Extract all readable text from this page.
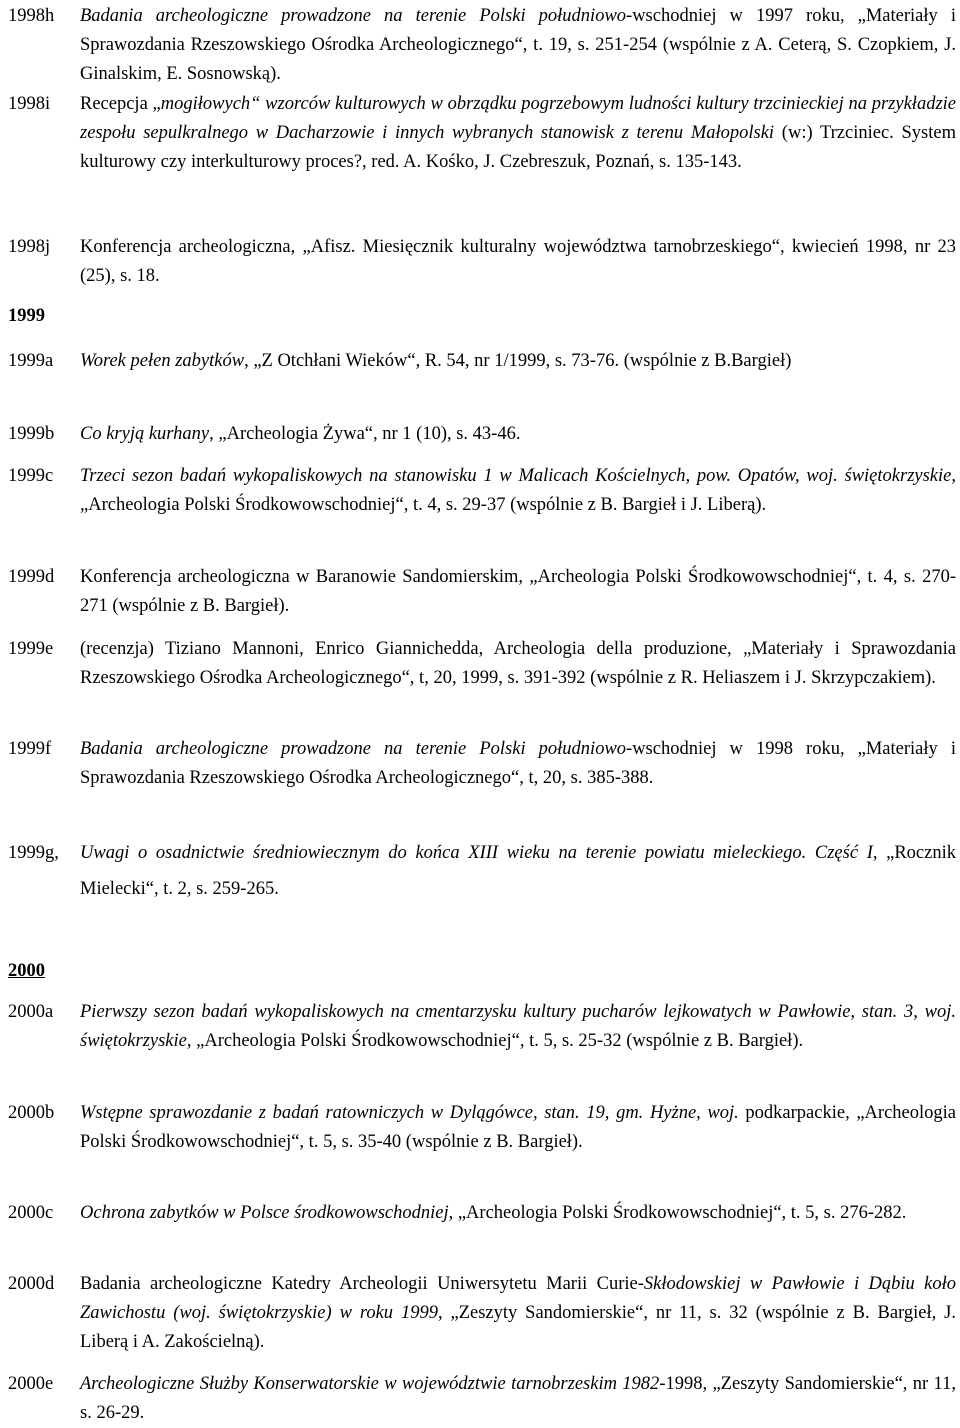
1998h Badania archeologiczne prowadzone na terenie Polski południowo-wschodniej w 1997 roku, „Materiały i Sprawozdania Rzeszowskiego Ośrodka Archeologicznego“, t. 19, s. 251-254 (wspólnie z A. Ceterą, S. Czopkiem, J. Ginalskim, E. Sosnowską).
1998i Recepcja „mogiłowych“ wzorców kulturowych w obrządku pogrzebowym ludności kultury trzcinieckiej na przykładzie zespołu sepulkralnego w Dacharzowie i innych wybranych stanowisk z terenu Małopolski (w:) Trzciniec. System kulturowy czy interkulturowy proces?, red. A. Kośko, J. Czebreszuk, Poznań, s. 135-143.
1998j Konferencja archeologiczna, „Afisz. Miesięcznik kulturalny województwa tarnobrzeskiego“, kwiecień 1998, nr 23 (25), s. 18.
1999
1999a Worek pełen zabytków, „Z Otchłani Wieków“, R. 54, nr 1/1999, s. 73-76. (wspólnie z B.Bargieł)
1999b Co kryją kurhany, „Archeologia Żywa“, nr 1 (10), s. 43-46.
1999c Trzeci sezon badań wykopaliskowych na stanowisku 1 w Malicach Kościelnych, pow. Opatów, woj. świętokrzyskie, „Archeologia Polski Środkowowschodniej“, t. 4, s. 29-37 (wspólnie z B. Bargieł i J. Liberą).
1999d Konferencja archeologiczna w Baranowie Sandomierskim, „Archeologia Polski Środkowowschodniej“, t. 4, s. 270-271 (wspólnie z B. Bargieł).
1999e (recenzja) Tiziano Mannoni, Enrico Giannichedda, Archeologia della produzione, „Materiały i Sprawozdania Rzeszowskiego Ośrodka Archeologicznego“, t, 20, 1999, s. 391-392 (wspólnie z R. Heliaszem i J. Skrzypczakiem).
1999f Badania archeologiczne prowadzone na terenie Polski południowo-wschodniej w 1998 roku, „Materiały i Sprawozdania Rzeszowskiego Ośrodka Archeologicznego“, t, 20, s. 385-388.
1999g, Uwagi o osadnictwie średniowiecznym do końca XIII wieku na terenie powiatu mieleckiego. Część I, „Rocznik Mielecki“, t. 2, s. 259-265.
2000
2000a Pierwszy sezon badań wykopaliskowych na cmentarzysku kultury pucharów lejkowatych w Pawłowie, stan. 3, woj. świętokrzyskie, „Archeologia Polski Środkowowschodniej“, t. 5, s. 25-32 (wspólnie z B. Bargieł).
2000b Wstępne sprawozdanie z badań ratowniczych w Dylągówce, stan. 19, gm. Hyżne, woj. podkarpackie, „Archeologia Polski Środkowowschodniej“, t. 5, s. 35-40 (wspólnie z B. Bargieł).
2000c Ochrona zabytków w Polsce środkowowschodniej, „Archeologia Polski Środkowowschodniej“, t. 5, s. 276-282.
2000d Badania archeologiczne Katedry Archeologii Uniwersytetu Marii Curie-Skłodowskiej w Pawłowie i Dąbiu koło Zawichostu (woj. świętokrzyskie) w roku 1999, „Zeszyty Sandomierskie“, nr 11, s. 32 (wspólnie z B. Bargieł, J. Liberą i A. Zakościelną).
2000e Archeologiczne Służby Konserwatorskie w województwie tarnobrzeskim 1982-1998, „Zeszyty Sandomierskie“, nr 11, s. 26-29.
